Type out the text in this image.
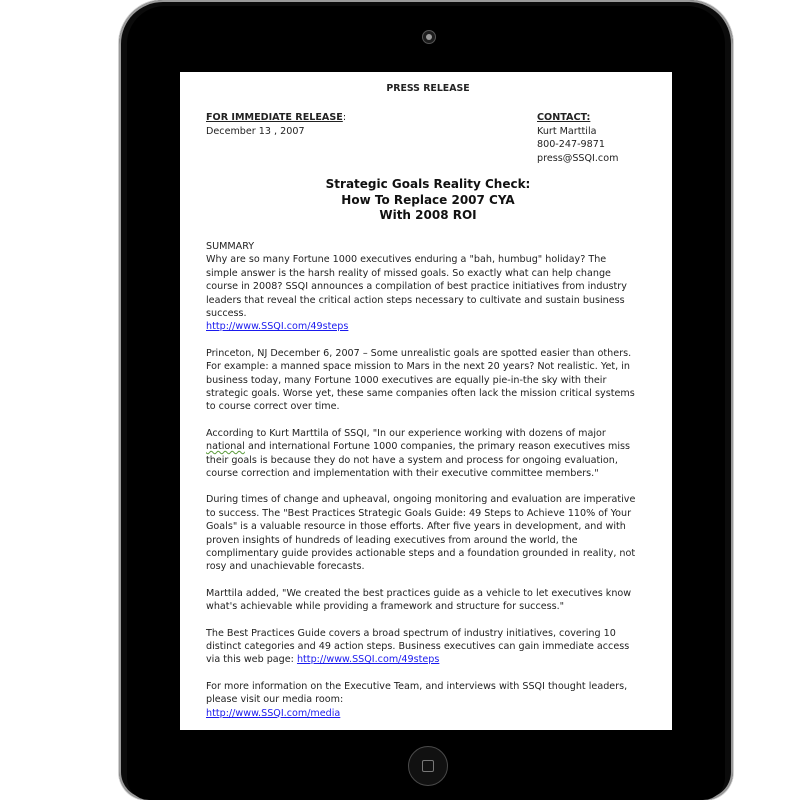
PRESS RELEASE
FOR IMMEDIATE RELEASE:
December 13 , 2007
CONTACT:
Kurt Marttila
800-247-9871
press@SSQI.com
Strategic Goals Reality Check:
How To Replace 2007 CYA
With 2008 ROI
SUMMARY
Why are so many Fortune 1000 executives enduring a "bah, humbug" holiday? The
simple answer is the harsh reality of missed goals. So exactly what can help change
course in 2008? SSQI announces a compilation of best practice initiatives from industry
leaders that reveal the critical action steps necessary to cultivate and sustain business
success.
http://www.SSQI.com/49steps
Princeton, NJ December 6, 2007 – Some unrealistic goals are spotted easier than others.
For example: a manned space mission to Mars in the next 20 years? Not realistic. Yet, in
business today, many Fortune 1000 executives are equally pie-in-the sky with their
strategic goals. Worse yet, these same companies often lack the mission critical systems
to course correct over time.
According to Kurt Marttila of SSQI, "In our experience working with dozens of major
national and international Fortune 1000 companies, the primary reason executives miss
their goals is because they do not have a system and process for ongoing evaluation,
course correction and implementation with their executive committee members."
During times of change and upheaval, ongoing monitoring and evaluation are imperative
to success. The "Best Practices Strategic Goals Guide: 49 Steps to Achieve 110% of Your
Goals" is a valuable resource in those efforts. After five years in development, and with
proven insights of hundreds of leading executives from around the world, the
complimentary guide provides actionable steps and a foundation grounded in reality, not
rosy and unachievable forecasts.
Marttila added, "We created the best practices guide as a vehicle to let executives know
what's achievable while providing a framework and structure for success."
The Best Practices Guide covers a broad spectrum of industry initiatives, covering 10
distinct categories and 49 action steps. Business executives can gain immediate access
via this web page: http://www.SSQI.com/49steps
For more information on the Executive Team, and interviews with SSQI thought leaders,
please visit our media room:
http://www.SSQI.com/media
